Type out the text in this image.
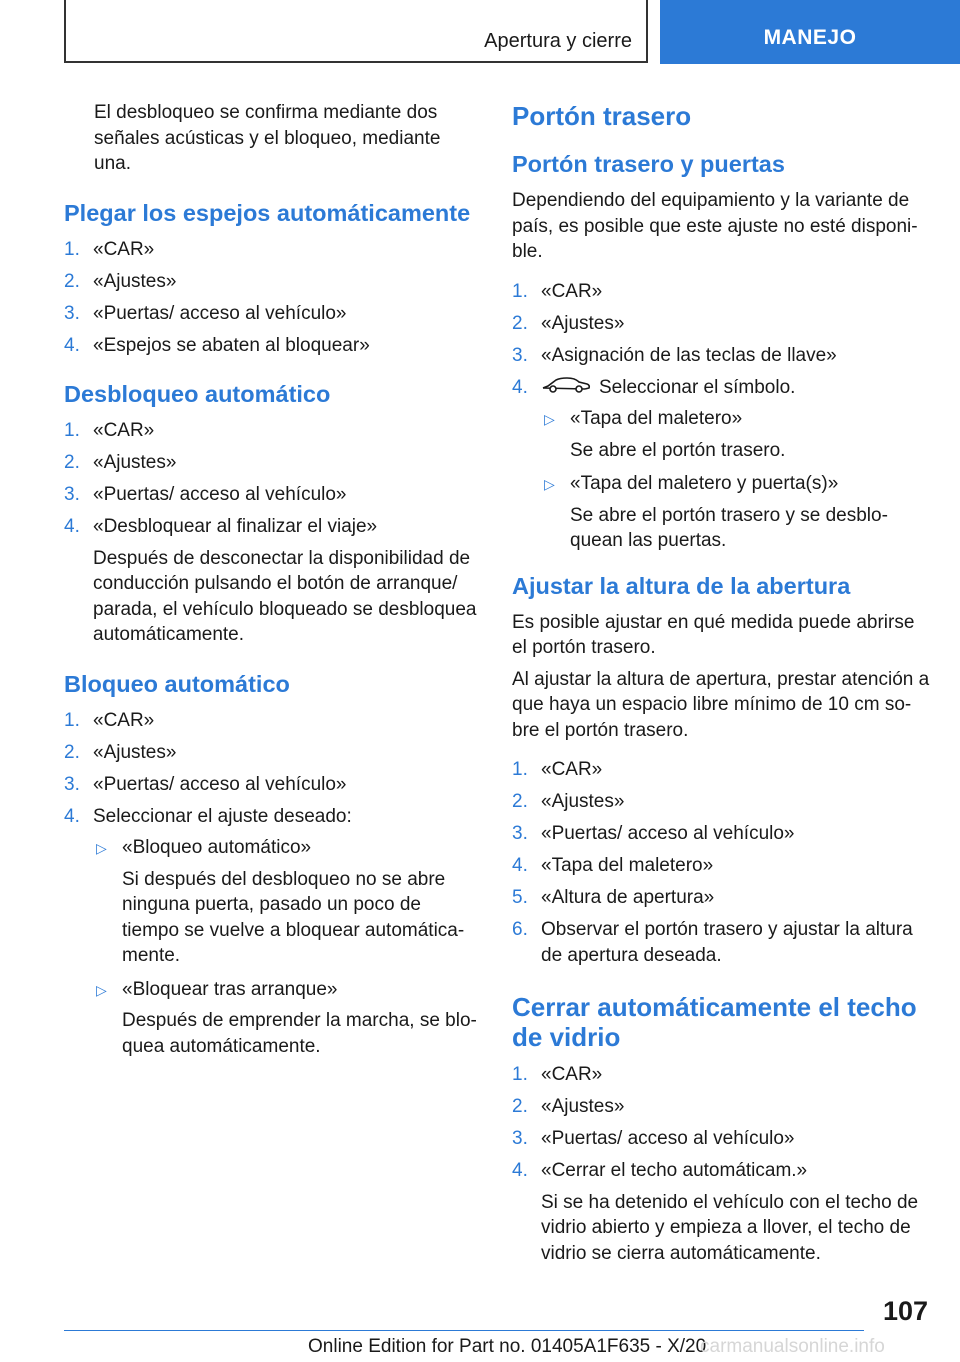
Apertura y cierre	MANEJO

El desbloqueo se confirma mediante dos señales acústicas y el bloqueo, mediante una.

Plegar los espejos automáticamente
1. «CAR»
2. «Ajustes»
3. «Puertas/ acceso al vehículo»
4. «Espejos se abaten al bloquear»
Desbloqueo automático
1. «CAR»
2. «Ajustes»
3. «Puertas/ acceso al vehículo»
4. «Desbloquear al finalizar el viaje»
Después de desconectar la disponibilidad de conducción pulsando el botón de arranque/ parada, el vehículo bloqueado se desbloquea automáticamente.
Bloqueo automático
1. «CAR»
2. «Ajustes»
3. «Puertas/ acceso al vehículo»
4. Seleccionar el ajuste deseado:
▷ «Bloqueo automático»
Si después del desbloqueo no se abre ninguna puerta, pasado un poco de tiempo se vuelve a bloquear automáticamente.
▷ «Bloquear tras arranque»
Después de emprender la marcha, se bloquea automáticamente.
Portón trasero
Portón trasero y puertas

Dependiendo del equipamiento y la variante de país, es posible que este ajuste no esté disponible.

1. «CAR»
2. «Ajustes»
3. «Asignación de las teclas de llave»
4.	Seleccionar el símbolo.
▷ «Tapa del maletero»
Se abre el portón trasero.
▷ «Tapa del maletero y puerta(s)»
Se abre el portón trasero y se desbloquean las puertas.
Ajustar la altura de la abertura

Es posible ajustar en qué medida puede abrirse el portón trasero.

Al ajustar la altura de apertura, prestar atención a que haya un espacio libre mínimo de 10 cm sobre el portón trasero.

1. «CAR»
2. «Ajustes»
3. «Puertas/ acceso al vehículo»
4. «Tapa del maletero»
5. «Altura de apertura»
6. Observar el portón trasero y ajustar la altura de apertura deseada.
Cerrar automáticamente el techo de vidrio
1. «CAR»
2. «Ajustes»
3. «Puertas/ acceso al vehículo»
4. «Cerrar el techo automáticam.»
Si se ha detenido el vehículo con el techo de vidrio abierto y empieza a llover, el techo de vidrio se cierra automáticamente.
107
Online Edition for Part no. 01405A1F635 - X/20
carmanualsonline.info
